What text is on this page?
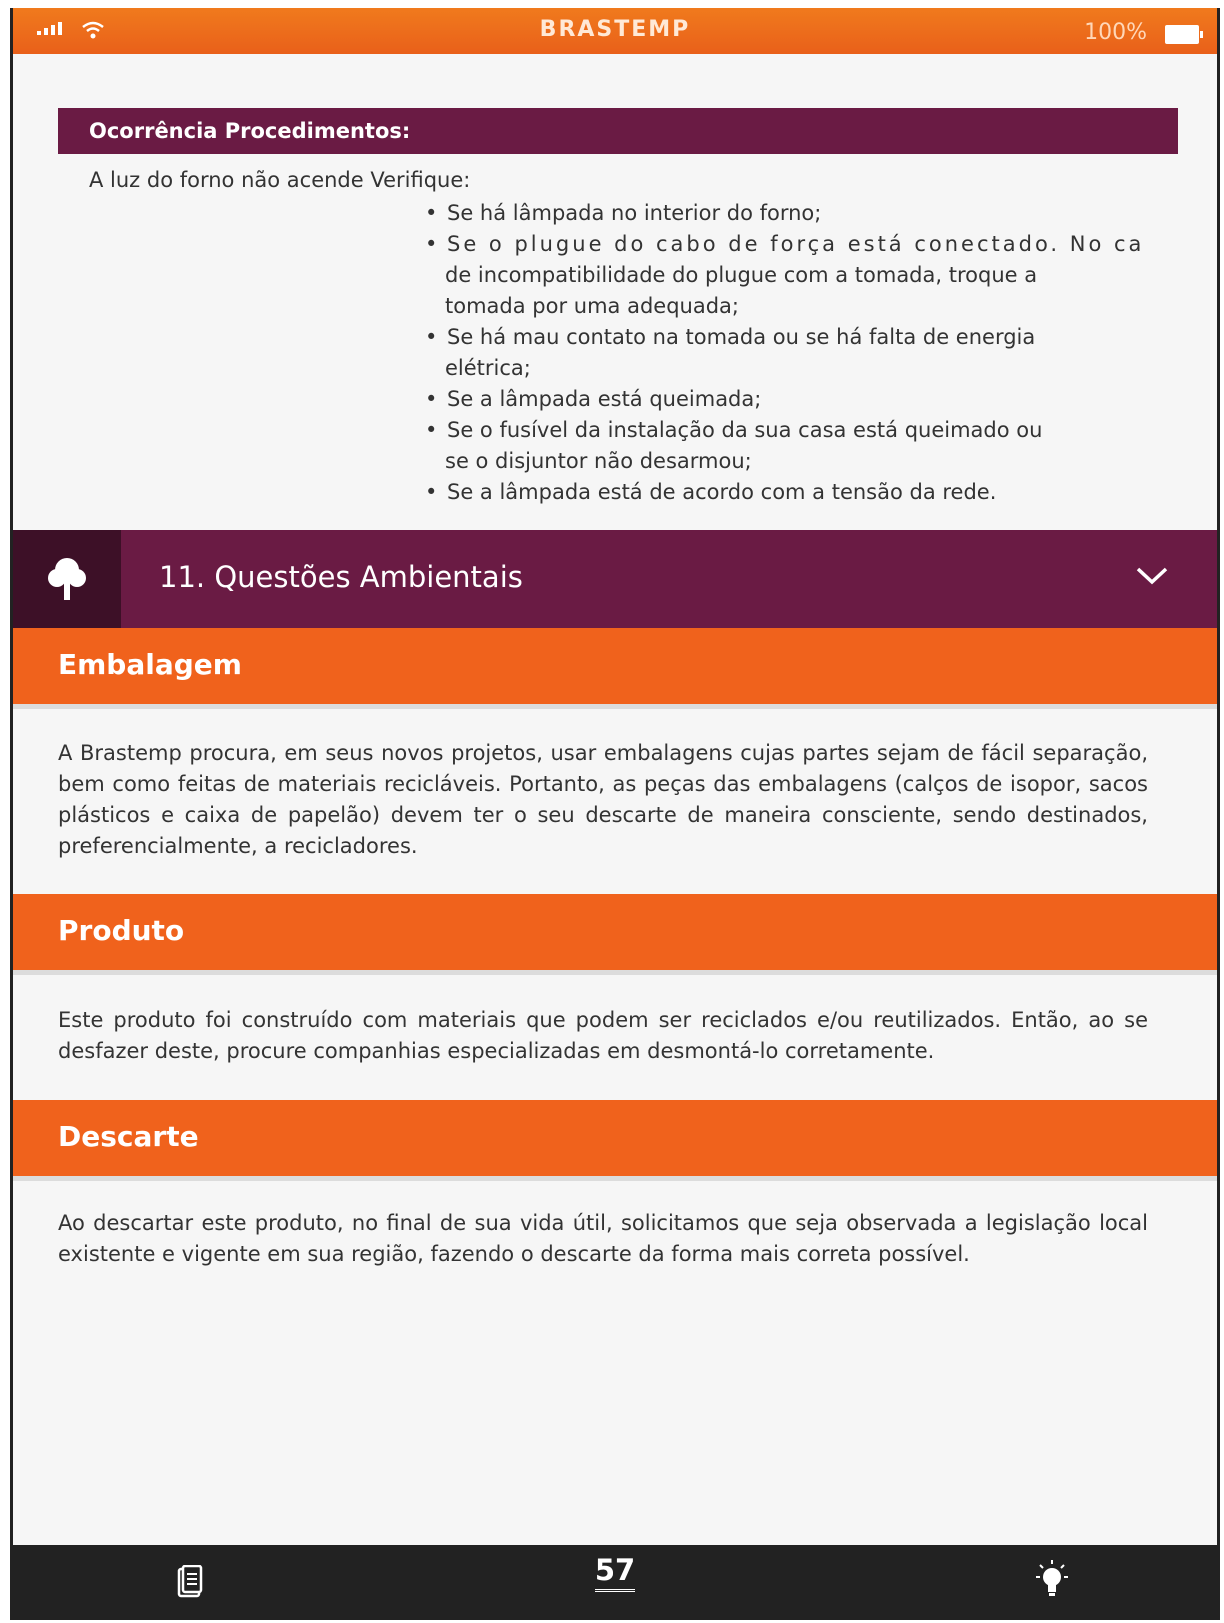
BRASTEMP	100%
Ocorrência Procedimentos:
A luz do forno não acende Verifique:
• Se há lâmpada no interior do forno;
• Se o plugue do cabo de força está conectado. No ca
de incompatibilidade do plugue com a tomada, troque a
tomada por uma adequada;
• Se há mau contato na tomada ou se há falta de energia
elétrica;
• Se a lâmpada está queimada;
• Se o fusível da instalação da sua casa está queimado ou
se o disjuntor não desarmou;
• Se a lâmpada está de acordo com a tensão da rede.
11. Questões Ambientais
Embalagem
A Brastemp procura, em seus novos projetos, usar embalagens cujas partes sejam de fácil separação, bem como feitas de materiais recicláveis. Portanto, as peças das embalagens (calços de isopor, sacos plásticos e caixa de papelão) devem ter o seu descarte de maneira consciente, sendo destinados, preferencialmente, a recicladores.
Produto
Este produto foi construído com materiais que podem ser reciclados e/ou reutilizados. Então, ao se desfazer deste, procure companhias especializadas em desmontá-lo corretamente.
Descarte
Ao descartar este produto, no final de sua vida útil, solicitamos que seja observada a legislação local existente e vigente em sua região, fazendo o descarte da forma mais correta possível.
57
